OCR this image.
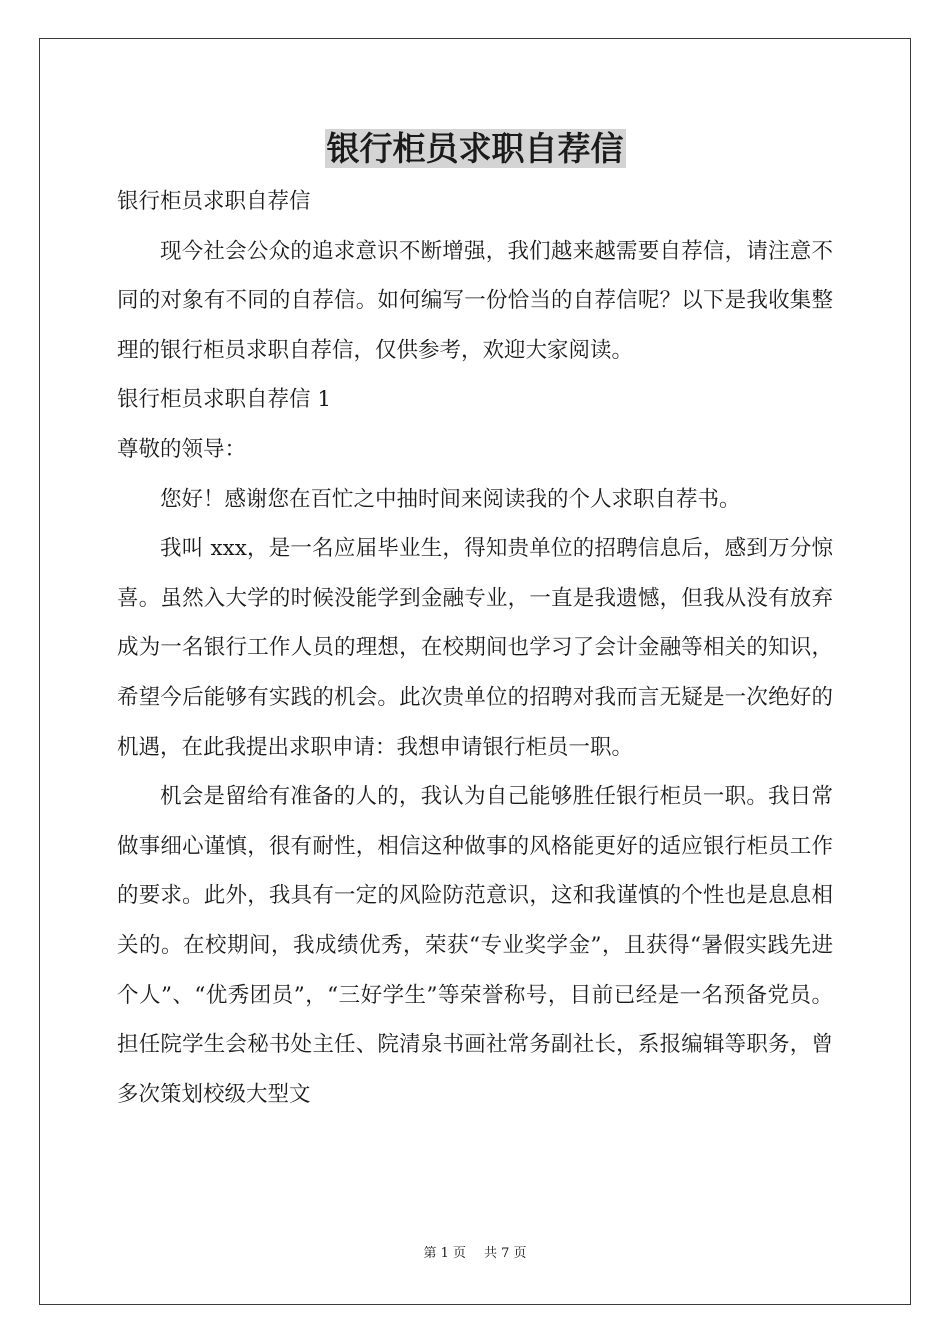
银行柜员求职自荐信

银行柜员求职自荐信

现今社会公众的追求意识不断增强，我们越来越需要自荐信，请注意不同的对象有不同的自荐信。如何编写一份恰当的自荐信呢？以下是我收集整理的银行柜员求职自荐信，仅供参考，欢迎大家阅读。

银行柜员求职自荐信 1

尊敬的领导：

您好！感谢您在百忙之中抽时间来阅读我的个人求职自荐书。

我叫 xxx，是一名应届毕业生，得知贵单位的招聘信息后，感到万分惊喜。虽然入大学的时候没能学到金融专业，一直是我遗憾，但我从没有放弃成为一名银行工作人员的理想，在校期间也学习了会计金融等相关的知识，希望今后能够有实践的机会。此次贵单位的招聘对我而言无疑是一次绝好的机遇，在此我提出求职申请：我想申请银行柜员一职。

机会是留给有准备的人的，我认为自己能够胜任银行柜员一职。我日常做事细心谨慎，很有耐性，相信这种做事的风格能更好的适应银行柜员工作的要求。此外，我具有一定的风险防范意识，这和我谨慎的个性也是息息相关的。在校期间，我成绩优秀，荣获“专业奖学金”，且获得“暑假实践先进个人”、“优秀团员”，“三好学生”等荣誉称号，目前已经是一名预备党员。担任院学生会秘书处主任、院清泉书画社常务副社长，系报编辑等职务，曾多次策划校级大型文

第 1 页 共 7 页
